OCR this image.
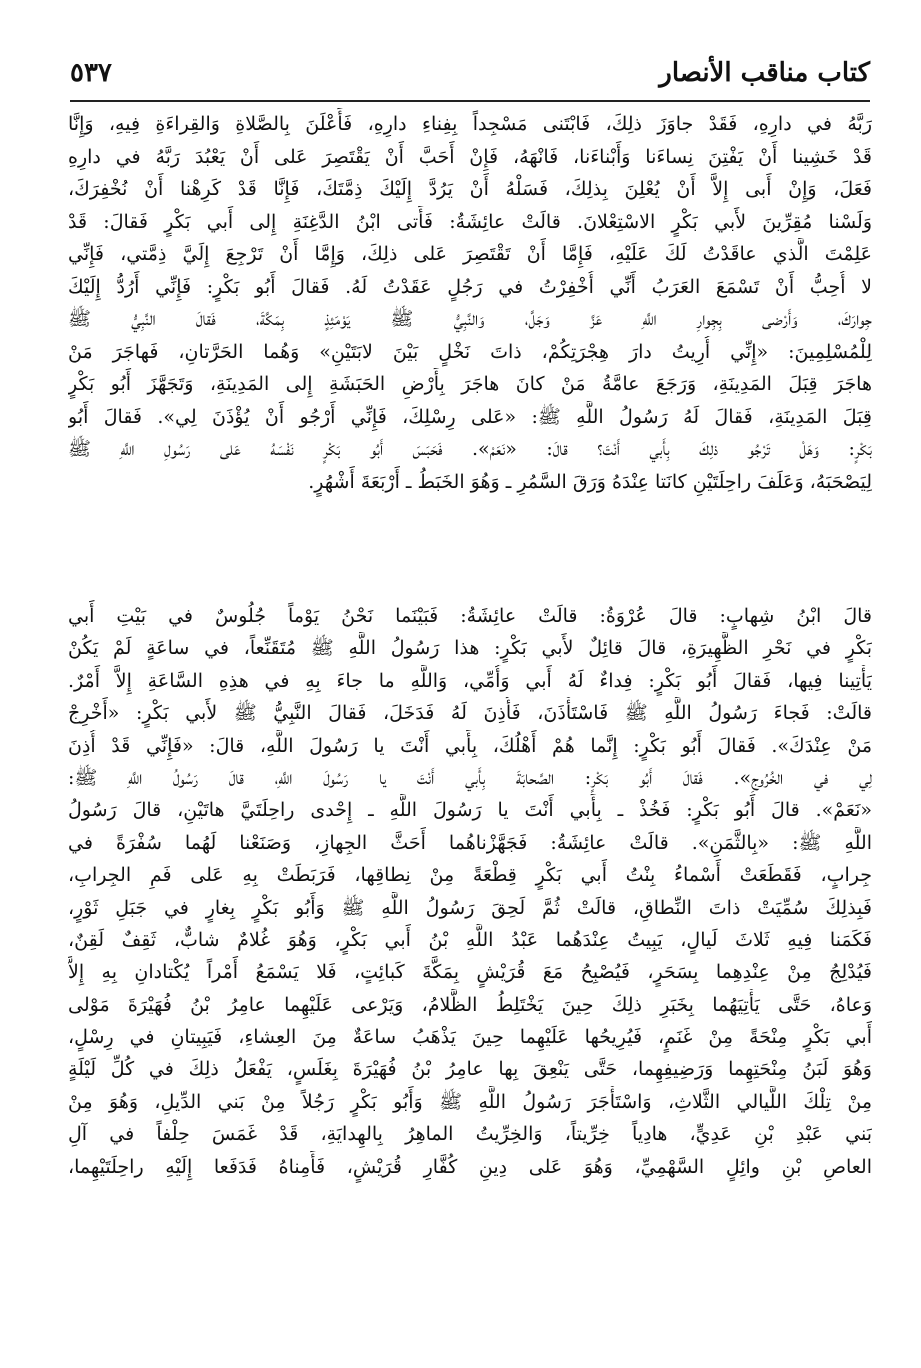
كتاب مناقب الأنصار
٥٣٧
رَبَّهُ في دارِهِ، فَقَدْ جاوَزَ ذلِكَ، فَابْتَنى مَسْجِداً بِفِناءِ دارِهِ، فَأَعْلَنَ بِالصَّلاةِ وَالقِراءَةِ فِيهِ، وَإِنَّا
قَدْ خَشِينا أَنْ يَفْتِنَ نِساءَنا وَأَبْناءَنا، فَانْهَهُ، فَإِنْ أَحَبَّ أَنْ يَقْتَصِرَ عَلى أَنْ يَعْبُدَ رَبَّهُ في دارِهِ
فَعَلَ، وَإِنْ أَبى إِلاَّ أَنْ يُعْلِنَ بِذلِكَ، فَسَلْهُ أَنْ يَرُدَّ إِلَيْكَ ذِمَّتَكَ، فَإِنَّا قَدْ كَرِهْنا أَنْ نُخْفِرَكَ،
وَلَسْنا مُقِرِّينَ لأَبي بَكْرٍ الاسْتِعْلانَ. قالَتْ عائِشَةُ: فَأَتى ابْنُ الدَّغِنَةِ إِلى أَبي بَكْرٍ فَقالَ: قَدْ
عَلِمْتَ الَّذي عاقَدْتُ لَكَ عَلَيْهِ، فَإِمَّا أَنْ تَقْتَصِرَ عَلى ذلِكَ، وَإِمَّا أَنْ تَرْجِعَ إِلَيَّ ذِمَّتي، فَإِنِّي
لا أُحِبُّ أَنْ تَسْمَعَ العَرَبُ أَنِّي أُخْفِرْتُ في رَجُلٍ عَقَدْتُ لَهُ. فَقالَ أَبُو بَكْرٍ: فَإِنِّي أَرُدُّ إِلَيْكَ
جِوارَكَ، وَأَرْضى بِجِوارِ اللَّهِ عَزَّ وَجَلَّ، وَالنَّبِيُّ ﷺ يَوْمَئِذٍ بِمَكَّةَ، فَقالَ النَّبِيُّ ﷺ
لِلْمُسْلِمِينَ: «إِنِّي أُرِيتُ دارَ هِجْرَتِكُمْ، ذاتَ نَخْلٍ بَيْنَ لابَتَيْنِ» وَهُما الحَرَّتانِ، فَهاجَرَ مَنْ
هاجَرَ قِبَلَ المَدِينَةِ، وَرَجَعَ عامَّةُ مَنْ كانَ هاجَرَ بِأَرْضِ الحَبَشَةِ إِلى المَدِينَةِ، وَتَجَهَّزَ أَبُو بَكْرٍ
قِبَلَ المَدِينَةِ، فَقالَ لَهُ رَسُولُ اللَّهِ ﷺ: «عَلى رِسْلِكَ، فَإِنِّي أَرْجُو أَنْ يُؤْذَنَ لِي». فَقالَ أَبُو
بَكْرٍ: وَهَلْ تَرْجُو ذلِكَ بِأَبي أَنْتَ؟ قالَ: «نَعَمْ». فَحَبَسَ أَبُو بَكْرٍ نَفْسَهُ عَلى رَسُولِ اللَّهِ ﷺ
لِيَصْحَبَهُ، وَعَلَفَ راحِلَتَيْنِ كانَتا عِنْدَهُ وَرَقَ السَّمُرِ ـ وَهُوَ الخَبَطُ ـ أَرْبَعَةَ أَشْهُرٍ.
قالَ ابْنُ شِهابٍ: قالَ عُرْوَةُ: قالَتْ عائِشَةُ: فَبَيْنَما نَحْنُ يَوْماً جُلُوسٌ في بَيْتِ أَبي
بَكْرٍ في نَحْرِ الظَّهِيرَةِ، قالَ قائِلٌ لأَبي بَكْرٍ: هذا رَسُولُ اللَّهِ ﷺ مُتَقَنِّعاً، في ساعَةٍ لَمْ يَكُنْ
يَأْتِينا فِيها، فَقالَ أَبُو بَكْرٍ: فِداءٌ لَهُ أَبي وَأُمِّي، وَاللَّهِ ما جاءَ بِهِ في هذِهِ السَّاعَةِ إِلاَّ أَمْرٌ.
قالَتْ: فَجاءَ رَسُولُ اللَّهِ ﷺ فَاسْتَأْذَنَ، فَأُذِنَ لَهُ فَدَخَلَ، فَقالَ النَّبِيُّ ﷺ لأَبي بَكْرٍ: «أَخْرِجْ
مَنْ عِنْدَكَ». فَقالَ أَبُو بَكْرٍ: إِنَّما هُمْ أَهْلُكَ، بِأَبي أَنْتَ يا رَسُولَ اللَّهِ، قالَ: «فَإِنِّي قَدْ أُذِنَ
لِي في الخُرُوجِ». فَقالَ أَبُو بَكْرٍ: الصَّحابَةَ بِأَبي أَنْتَ يا رَسُولَ اللَّهِ، قالَ رَسُولُ اللَّهِ ﷺ:
«نَعَمْ». قالَ أَبُو بَكْرٍ: فَخُذْ ـ بِأَبي أَنْتَ يا رَسُولَ اللَّهِ ـ إِحْدى راحِلَتَيَّ هاتَيْنِ، قالَ رَسُولُ
اللَّهِ ﷺ: «بِالثَّمَنِ». قالَتْ عائِشَةُ: فَجَهَّزْناهُما أَحَثَّ الجِهازِ، وَصَنَعْنا لَهُما سُفْرَةً في
جِرابٍ، فَقَطَعَتْ أَسْماءُ بِنْتُ أَبي بَكْرٍ قِطْعَةً مِنْ نِطاقِها، فَرَبَطَتْ بِهِ عَلى فَمِ الجِرابِ،
فَبِذلِكَ سُمِّيَتْ ذاتَ النِّطاقِ، قالَتْ ثُمَّ لَحِقَ رَسُولُ اللَّهِ ﷺ وَأَبُو بَكْرٍ بِغارٍ في جَبَلِ ثَوْرٍ،
فَكَمَنا فِيهِ ثَلاثَ لَيالٍ، يَبِيتُ عِنْدَهُما عَبْدُ اللَّهِ بْنُ أَبي بَكْرٍ، وَهُوَ غُلامٌ شابٌّ، ثَقِفٌ لَقِنٌ،
فَيُدْلِجُ مِنْ عِنْدِهِما بِسَحَرٍ، فَيُصْبِحُ مَعَ قُرَيْشٍ بِمَكَّةَ كَبائِتٍ، فَلا يَسْمَعُ أَمْراً يُكْتادانِ بِهِ إِلاَّ
وَعاهُ، حَتَّى يَأْتِيَهُما بِخَبَرِ ذلِكَ حِينَ يَخْتَلِطُ الظَّلامُ، وَيَرْعى عَلَيْهِما عامِرُ بْنُ فُهَيْرَةَ مَوْلى
أَبي بَكْرٍ مِنْحَةً مِنْ غَنَمٍ، فَيُرِيحُها عَلَيْهِما حِينَ يَذْهَبُ ساعَةٌ مِنَ العِشاءِ، فَيَبِيتانِ في رِسْلٍ،
وَهُوَ لَبَنُ مِنْحَتِهِما وَرَضِيفِهِما، حَتَّى يَنْعِقَ بِها عامِرُ بْنُ فُهَيْرَةَ بِغَلَسٍ، يَفْعَلُ ذلِكَ في كُلِّ لَيْلَةٍ
مِنْ تِلْكَ اللَّيالي الثَّلاثِ، وَاسْتَأْجَرَ رَسُولُ اللَّهِ ﷺ وَأَبُو بَكْرٍ رَجُلاً مِنْ بَني الدِّيلِ، وَهُوَ مِنْ
بَني عَبْدِ بْنِ عَدِيٍّ، هادِياً خِرِّيتاً، وَالخِرِّيتُ الماهِرُ بِالهِدايَةِ، قَدْ غَمَسَ حِلْفاً في آلِ
العاصِ بْنِ وائِلٍ السَّهْمِيِّ، وَهُوَ عَلى دِينِ كُفَّارِ قُرَيْشٍ، فَأَمِناهُ فَدَفَعا إِلَيْهِ راحِلَتَيْهِما،
